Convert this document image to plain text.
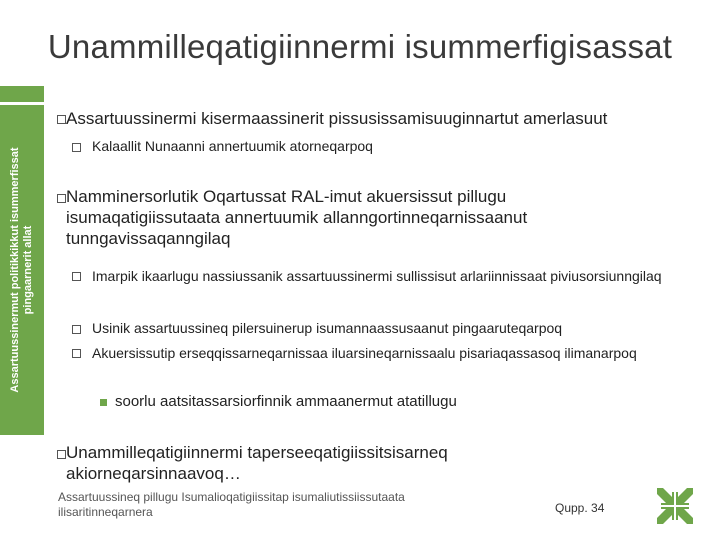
Unammilleqatigiinnermi isummerfigisassat
Assartuussinermut politikkikkut isummerfissat pingaarnerit allat
Assartuussinermi kisermaassinerit pissusissamisuuginnartut amerlasuut
Kalaallit Nunaanni annertuumik atorneqarpoq
Namminersorlutik Oqartussat RAL-imut akuersissut pillugu isumaqatigiissutaata annertuumik allanngortinneqarnissaanut tunngavissaqanngilaq
Imarpik ikaarlugu nassiussanik assartuussinermi sullissisut arlariinnissaat piviusorsiunngilaq
Usinik assartuussineq pilersuinerup isumannaassusaanut pingaaruteqarpoq
Akuersissutip erseqqissarneqarnissaa iluarsineqarnissaalu pisariaqassasoq ilimanarpoq
soorlu aatsitassarsiorfinnik ammaanermut atatillugu
Unammilleqatigiinnermi taperseeqatigiissitsisarneq akiorneqarsinnaavoq…
Assartuussineq pillugu Isumalioqatigiissitap isumaliutissiissutaata ilisaritinneqarnera	Qupp. 34
